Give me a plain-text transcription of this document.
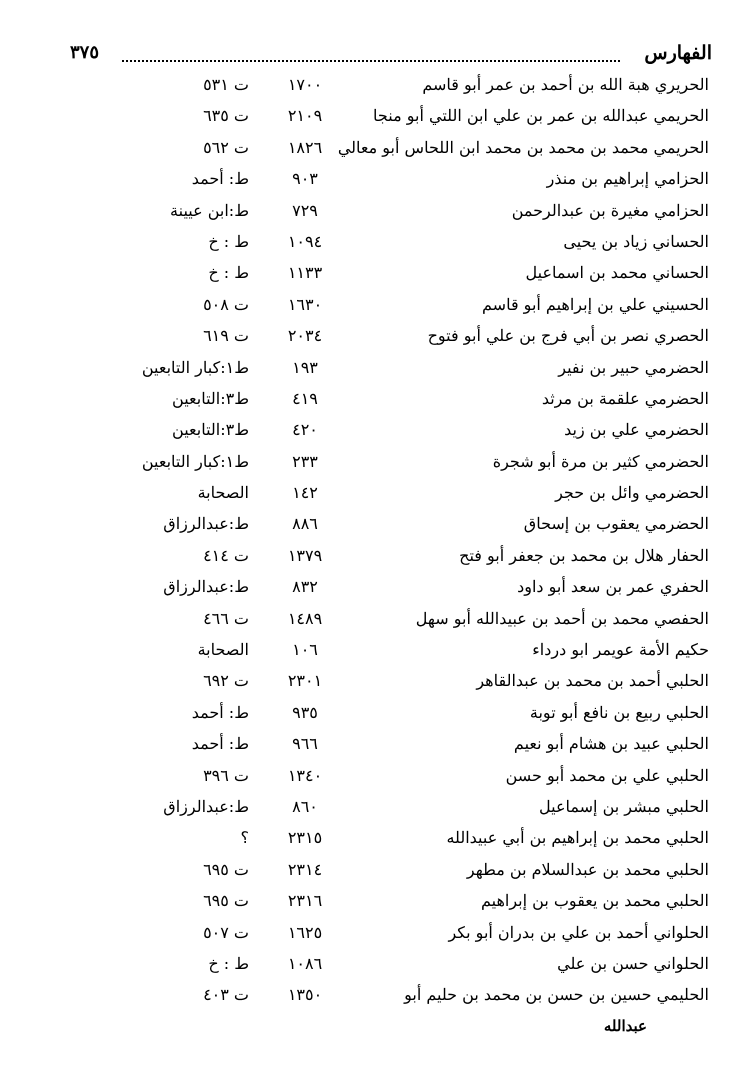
الفهارس
٣٧٥
الحريري هبة الله بن أحمد بن عمر أبو قاسم
١٧٠٠
ت ٥٣١
الحريمي عبدالله بن عمر بن علي ابن اللتي أبو منجا
٢١٠٩
ت ٦٣٥
الحريمي محمد بن محمد بن محمد ابن اللحاس أبو معالي
١٨٢٦
ت ٥٦٢
الحزامي إبراهيم بن منذر
٩٠٣
ط: أحمد
الحزامي مغيرة بن عبدالرحمن
٧٢٩
ط:ابن عيينة
الحساني زياد بن يحيى
١٠٩٤
ط : خ
الحساني محمد بن اسماعيل
١١٣٣
ط : خ
الحسيني علي بن إبراهيم أبو قاسم
١٦٣٠
ت ٥٠٨
الحصري نصر بن أبي فرج بن علي أبو فتوح
٢٠٣٤
ت ٦١٩
الحضرمي حبير بن نفير
١٩٣
ط١:كبار التابعين
الحضرمي علقمة بن مرثد
٤١٩
ط٣:التابعين
الحضرمي علي بن زيد
٤٢٠
ط٣:التابعين
الحضرمي كثير بن مرة أبو شجرة
٢٣٣
ط١:كبار التابعين
الحضرمي وائل بن حجر
١٤٢
الصحابة
الحضرمي يعقوب بن إسحاق
٨٨٦
ط:عبدالرزاق
الحفار هلال بن محمد بن جعفر أبو فتح
١٣٧٩
ت ٤١٤
الحفري عمر بن سعد أبو داود
٨٣٢
ط:عبدالرزاق
الحفصي محمد بن أحمد بن عبيدالله أبو سهل
١٤٨٩
ت ٤٦٦
حكيم الأمة عويمر ابو درداء
١٠٦
الصحابة
الحلبي أحمد بن محمد بن عبدالقاهر
٢٣٠١
ت ٦٩٢
الحلبي ربيع بن نافع أبو توبة
٩٣٥
ط: أحمد
الحلبي عبيد بن هشام أبو نعيم
٩٦٦
ط: أحمد
الحلبي علي بن محمد أبو حسن
١٣٤٠
ت ٣٩٦
الحلبي مبشر بن إسماعيل
٨٦٠
ط:عبدالرزاق
الحلبي محمد بن إبراهيم بن أبي عبيدالله
٢٣١٥
؟
الحلبي محمد بن عبدالسلام بن مطهر
٢٣١٤
ت ٦٩٥
الحلبي محمد بن يعقوب بن إبراهيم
٢٣١٦
ت ٦٩٥
الحلواني أحمد بن علي بن بدران أبو بكر
١٦٢٥
ت ٥٠٧
الحلواني حسن بن علي
١٠٨٦
ط : خ
الحليمي حسين بن حسن بن محمد بن حليم أبو
١٣٥٠
ت ٤٠٣
عبدالله
